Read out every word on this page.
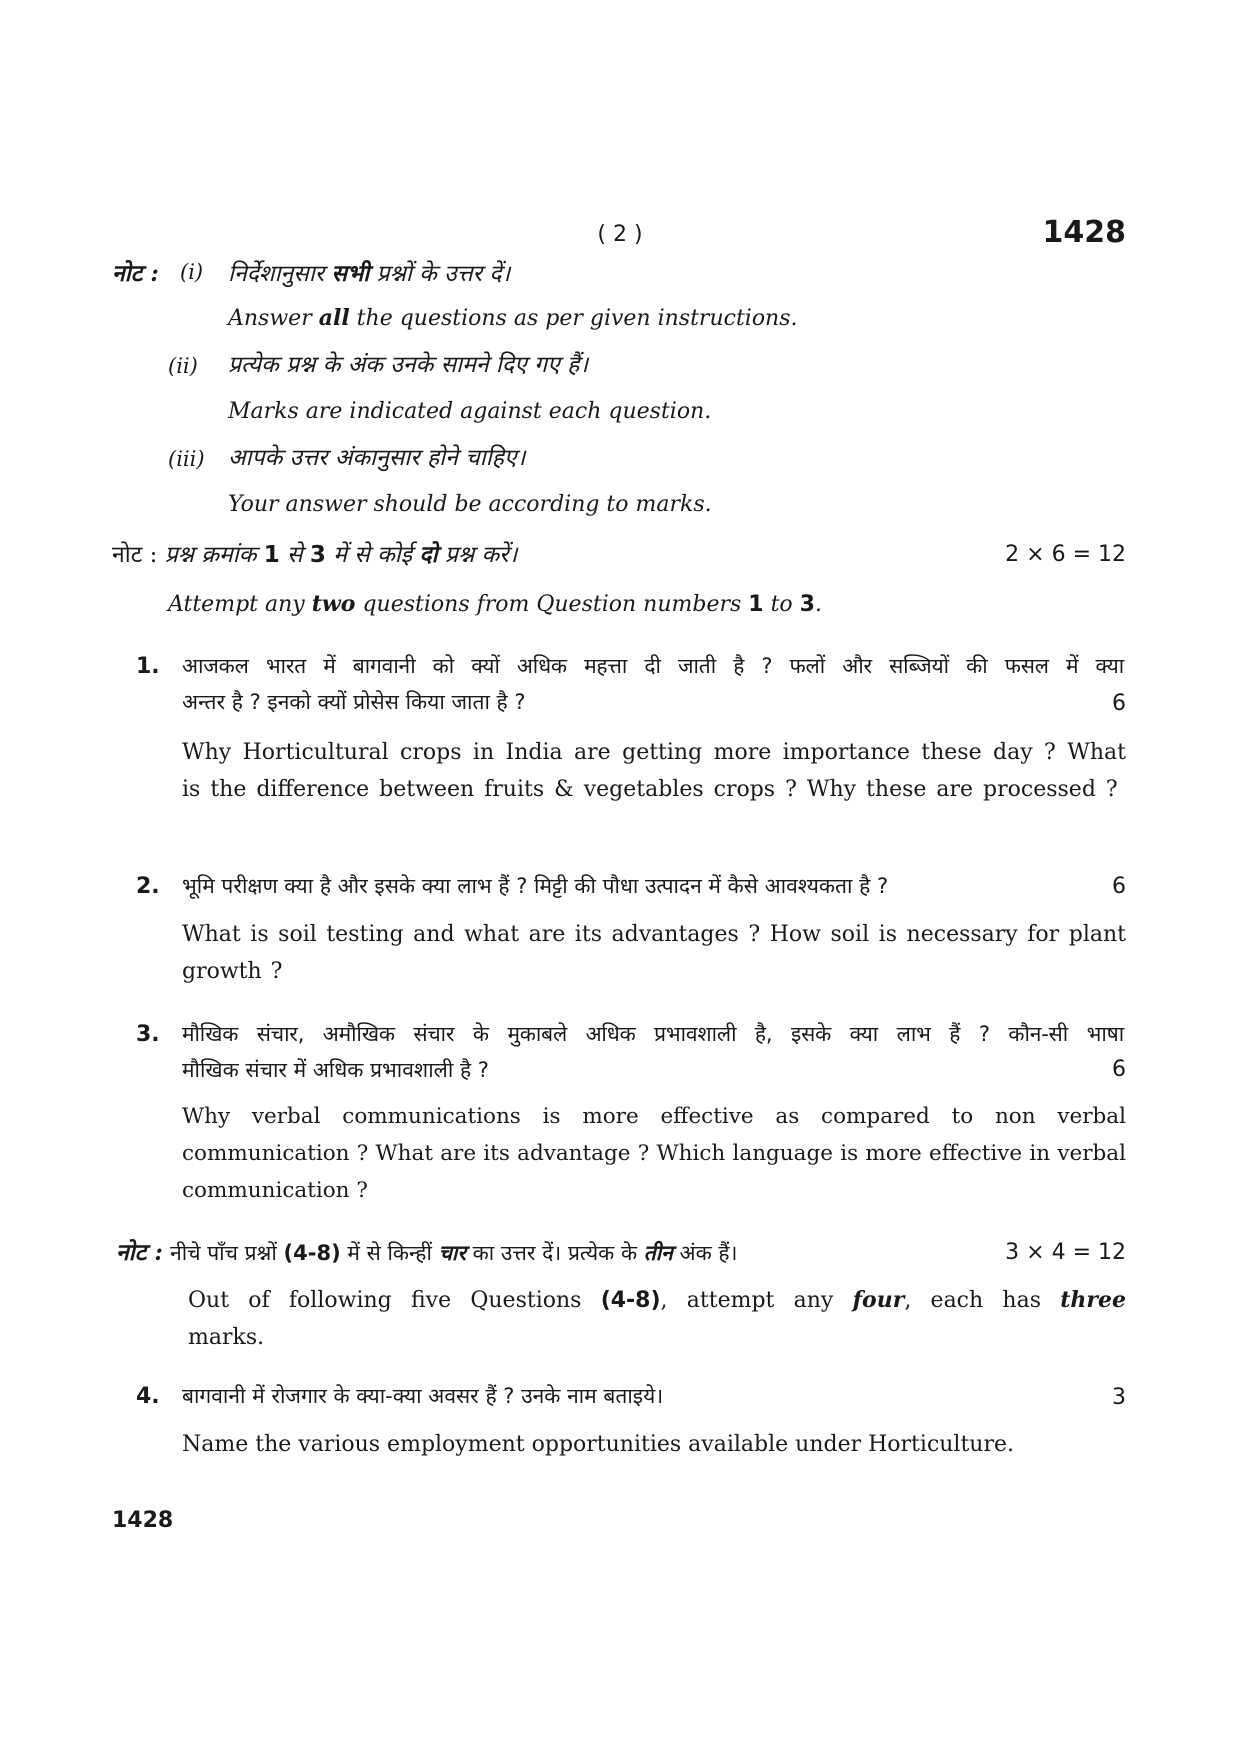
( 2 )	1428
नोट : (i) निर्देशानुसार सभी प्रश्नों के उत्तर दें।
Answer all the questions as per given instructions.
(ii) प्रत्येक प्रश्न के अंक उनके सामने दिए गए हैं।
Marks are indicated against each question.
(iii) आपके उत्तर अंकानुसार होने चाहिए।
Your answer should be according to marks.
नोट : प्रश्न क्रमांक 1 से 3 में से कोई दो प्रश्न करें।	2 × 6 = 12
Attempt any two questions from Question numbers 1 to 3.
1. आजकल भारत में बागवानी को क्यों अधिक महत्ता दी जाती है ? फलों और सब्जियों की फसल में क्या
अन्तर है ? इनको क्यों प्रोसेस किया जाता है ?	6
Why Horticultural crops in India are getting more importance these day ? What is the difference between fruits & vegetables crops ? Why these are processed ?
2. भूमि परीक्षण क्या है और इसके क्या लाभ हैं ? मिट्टी की पौधा उत्पादन में कैसे आवश्यकता है ?	6
What is soil testing and what are its advantages ? How soil is necessary for plant growth ?
3. मौखिक संचार, अमौखिक संचार के मुकाबले अधिक प्रभावशाली है, इसके क्या लाभ हैं ? कौन-सी भाषा
मौखिक संचार में अधिक प्रभावशाली है ?	6
Why verbal communications is more effective as compared to non verbal communication ? What are its advantage ? Which language is more effective in verbal communication ?
नोट : नीचे पाँच प्रश्नों (4-8) में से किन्हीं चार का उत्तर दें। प्रत्येक के तीन अंक हैं।	3 × 4 = 12
Out of following five Questions (4-8), attempt any four, each has three
marks.
4. बागवानी में रोजगार के क्या-क्या अवसर हैं ? उनके नाम बताइये।	3
Name the various employment opportunities available under Horticulture.
1428
